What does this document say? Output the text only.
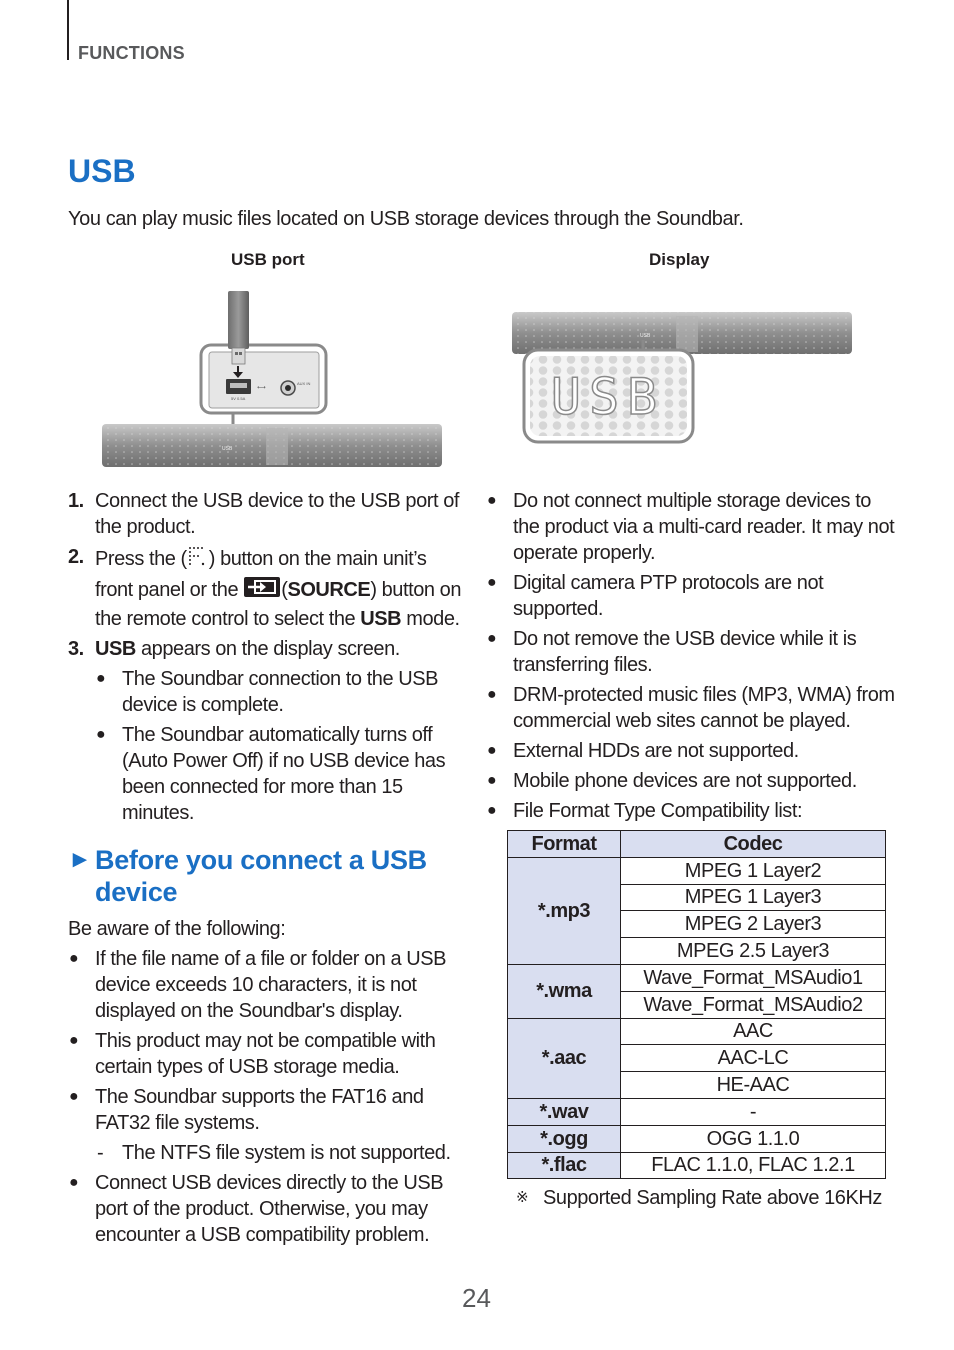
FUNCTIONS
USB
You can play music files located on USB storage devices through the Soundbar.
USB port	Display
USB
5V 0.5A
⟷
AUX IN
USB
USB
1. Connect the USB device to the USB port of the product.
2. Press the ( ) button on the main unit’s front panel or the (SOURCE) button on the remote control to select the USB mode.
3. USB appears on the display screen.
● The Soundbar connection to the USB device is complete.
● The Soundbar automatically turns off (Auto Power Off) if no USB device has been connected for more than 15 minutes.
► Before you connect a USB device
Be aware of the following:
● If the file name of a file or folder on a USB device exceeds 10 characters, it is not displayed on the Soundbar's display.
● This product may not be compatible with certain types of USB storage media.
● The Soundbar supports the FAT16 and FAT32 file systems.
- The NTFS file system is not supported.
● Connect USB devices directly to the USB port of the product. Otherwise, you may encounter a USB compatibility problem.
● Do not connect multiple storage devices to the product via a multi-card reader. It may not operate properly.
● Digital camera PTP protocols are not supported.
● Do not remove the USB device while it is transferring files.
● DRM-protected music files (MP3, WMA) from commercial web sites cannot be played.
● External HDDs are not supported.
● Mobile phone devices are not supported.
● File Format Type Compatibility list:
Format	Codec
*.mp3	MPEG 1 Layer2
	MPEG 1 Layer3
	MPEG 2 Layer3
	MPEG 2.5 Layer3
*.wma	Wave_Format_MSAudio1
	Wave_Format_MSAudio2
*.aac	AAC
	AAC-LC
	HE-AAC
*.wav	-
*.ogg	OGG 1.1.0
*.flac	FLAC 1.1.0, FLAC 1.2.1
※ Supported Sampling Rate above 16KHz
24
